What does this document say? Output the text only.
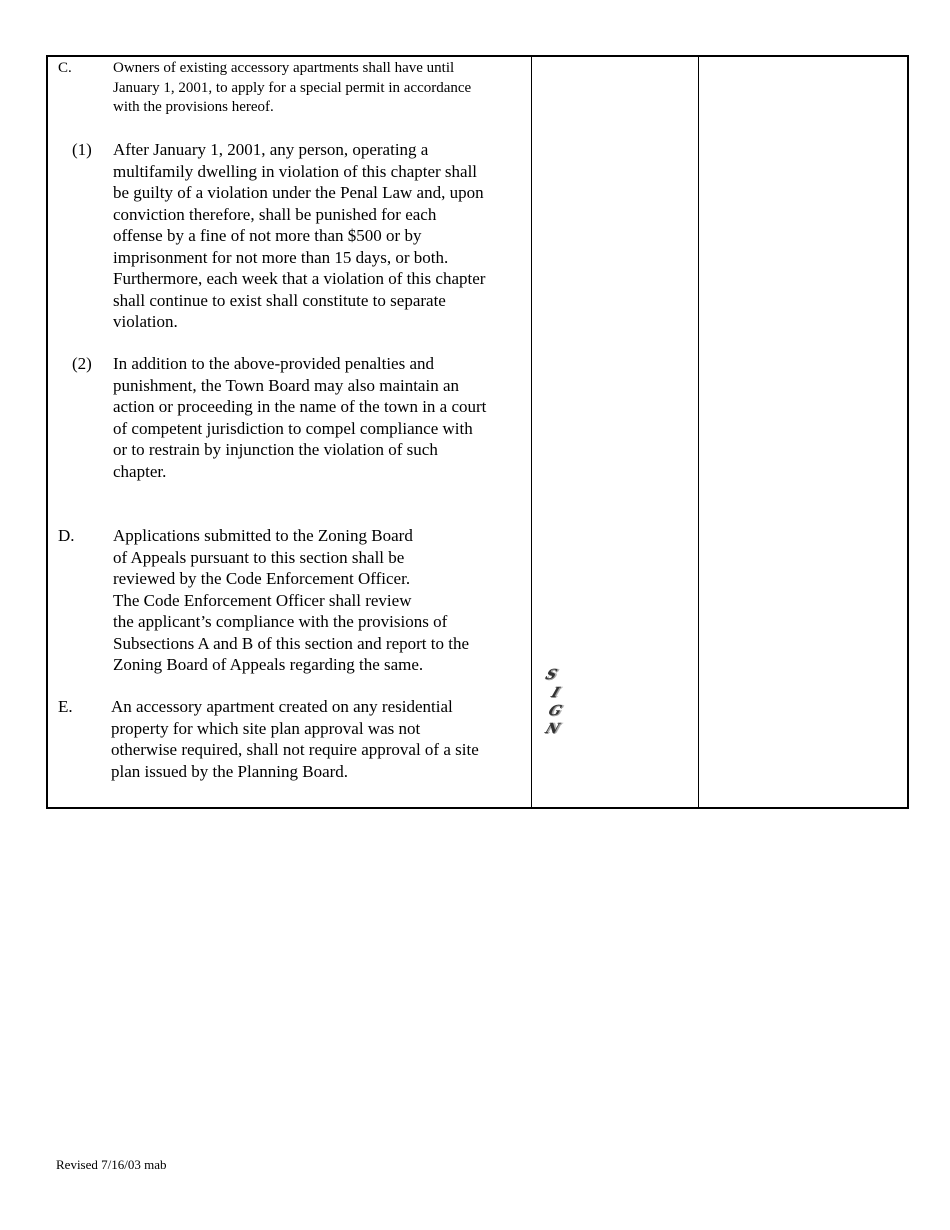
C.	Owners of existing accessory apartments shall have until
January 1, 2001, to apply for a special permit in accordance
with the provisions hereof.
(1) After January 1, 2001, any person, operating a
multifamily dwelling in violation of this chapter shall
be guilty of a violation under the Penal Law and, upon
conviction therefore, shall be punished for each
offense by a fine of not more than $500 or by
imprisonment for not more than 15 days, or both.
Furthermore, each week that a violation of this chapter
shall continue to exist shall constitute to separate
violation.
(2) In addition to the above-provided penalties and
punishment, the Town Board may also maintain an
action or proceeding in the name of the town in a court
of competent jurisdiction to compel compliance with
or to restrain by injunction the violation of such
chapter.
D. Applications submitted to the Zoning Board
of Appeals pursuant to this section shall be
reviewed by the Code Enforcement Officer.
The Code Enforcement Officer shall review
the applicant’s compliance with the provisions of
Subsections A and B of this section and report to the
Zoning Board of Appeals regarding the same.
E. An accessory apartment created on any residential
property for which site plan approval was not
otherwise required, shall not require approval of a site
plan issued by the Planning Board.
S
I
G
N
Revised 7/16/03 mab
